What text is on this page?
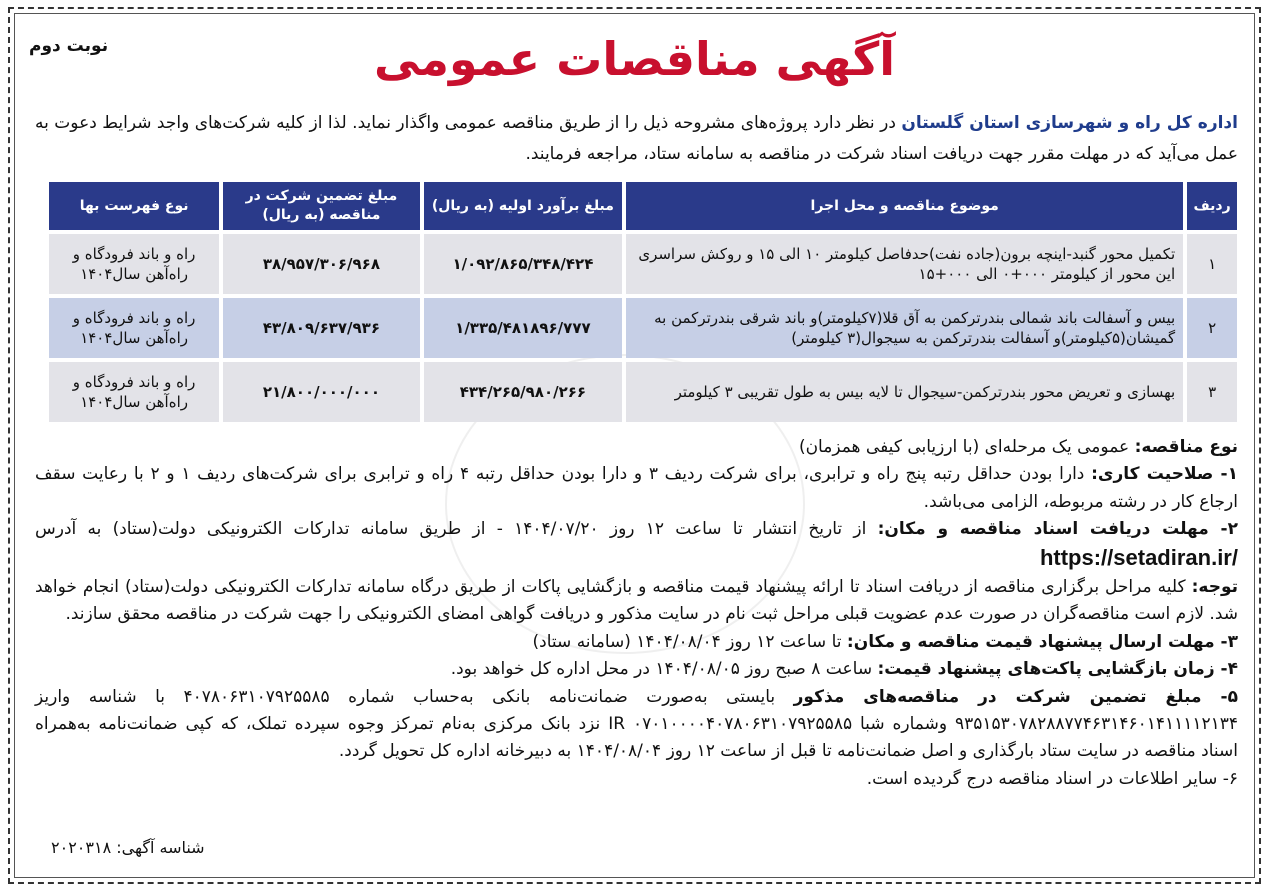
نوبت دوم	آگهی مناقصات عمومی
اداره کل راه و شهرسازی استان گلستان در نظر دارد پروژه‌های مشروحه ذیل را از طریق مناقصه عمومی واگذار نماید. لذا از کلیه شرکت‌های واجد شرایط دعوت به عمل می‌آید که در مهلت مقرر جهت دریافت اسناد شرکت در مناقصه به سامانه ستاد، مراجعه فرمایند.
ردیف	موضوع مناقصه و محل اجرا	مبلغ برآورد اولیه (به ریال)	مبلغ تضمین شرکت در مناقصه (به ریال)	نوع فهرست بها
۱	تکمیل محور گنبد-اینچه برون(جاده نفت)حدفاصل کیلومتر ۱۰ الی ۱۵ و روکش سراسری این محور از کیلومتر ۰۰۰+۰ الی ۰۰۰+۱۵	۱/۰۹۲/۸۶۵/۳۴۸/۴۲۴	۳۸/۹۵۷/۳۰۶/۹۶۸	راه و باند فرودگاه و راه‌آهن سال۱۴۰۴
۲	بیس و آسفالت باند شمالی بندرترکمن به آق قلا(۷کیلومتر)و باند شرقی بندرترکمن به گمیشان(۵کیلومتر)و آسفالت بندرترکمن به سیجوال(۳ کیلومتر)	۱/۳۳۵/۴۸۱۸۹۶/۷۷۷	۴۳/۸۰۹/۶۳۷/۹۳۶	راه و باند فرودگاه و راه‌آهن سال۱۴۰۴
۳	بهسازی و تعریض محور بندرترکمن-سیجوال تا لایه بیس به طول تقریبی ۳ کیلومتر	۴۳۴/۲۶۵/۹۸۰/۲۶۶	۲۱/۸۰۰/۰۰۰/۰۰۰	راه و باند فرودگاه و راه‌آهن سال۱۴۰۴
نوع مناقصه: عمومی یک مرحله‌ای (با ارزیابی کیفی همزمان)
۱- صلاحیت کاری: دارا بودن حداقل رتبه پنج راه و ترابری، برای شرکت ردیف ۳ و دارا بودن حداقل رتبه ۴ راه و ترابری برای شرکت‌های ردیف ۱ و ۲ با رعایت سقف ارجاع کار در رشته مربوطه، الزامی می‌باشد.
۲- مهلت دریافت اسناد مناقصه و مکان: از تاریخ انتشار تا ساعت ۱۲ روز ۱۴۰۴/۰۷/۲۰ - از طریق سامانه تدارکات الکترونیکی دولت(ستاد) به آدرس https://setadiran.ir/
توجه: کلیه مراحل برگزاری مناقصه از دریافت اسناد تا ارائه پیشنهاد قیمت مناقصه و بازگشایی پاکات از طریق درگاه سامانه تدارکات الکترونیکی دولت(ستاد) انجام خواهد شد. لازم است مناقصه‌گران در صورت عدم عضویت قبلی مراحل ثبت نام در سایت مذکور و دریافت گواهی امضای الکترونیکی را جهت شرکت در مناقصه محقق سازند.
۳- مهلت ارسال پیشنهاد قیمت مناقصه و مکان: تا ساعت ۱۲ روز ۱۴۰۴/۰۸/۰۴ (سامانه ستاد)
۴- زمان بازگشایی پاکت‌های پیشنهاد قیمت: ساعت ۸ صبح روز ۱۴۰۴/۰۸/۰۵ در محل اداره کل خواهد بود.
۵- مبلغ تضمین شرکت در مناقصه‌های مذکور بایستی به‌صورت ضمانت‌نامه بانکی به‌حساب شماره ۴۰۷۸۰۶۳۱۰۷۹۲۵۵۸۵ با شناسه واریز ۹۳۵۱۵۳۰۷۸۲۸۸۷۷۴۶۳۱۴۶۰۱۴۱۱۱۱۲۱۳۴ وشماره شبا IR ۰۷۰۱۰۰۰۰۴۰۷۸۰۶۳۱۰۷۹۲۵۵۸۵ نزد بانک مرکزی به‌نام تمرکز وجوه سپرده تملک، که کپی ضمانت‌نامه به‌همراه اسناد مناقصه در سایت ستاد بارگذاری و اصل ضمانت‌نامه تا قبل از ساعت ۱۲ روز ۱۴۰۴/۰۸/۰۴ به دبیرخانه اداره کل تحویل گردد.
۶- سایر اطلاعات در اسناد مناقصه درج گردیده است.
شناسه آگهی: ۲۰۲۰۳۱۸
